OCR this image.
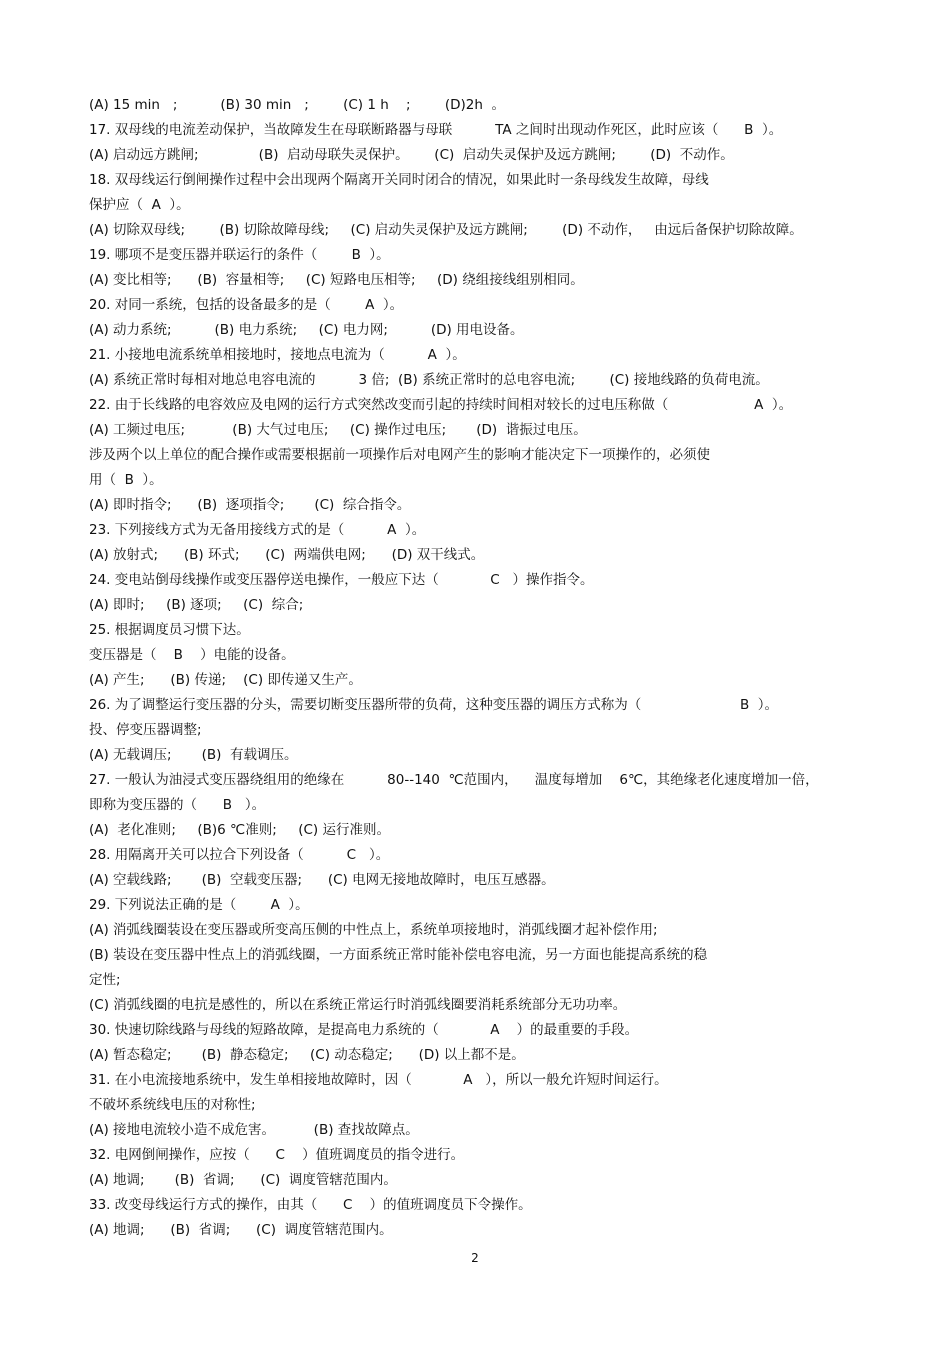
(A) 15 min   ;          (B) 30 min   ;        (C) 1 h    ;        (D)2h  。
17. 双母线的电流差动保护，当故障发生在母联断路器与母联          TA 之间时出现动作死区，此时应该（      B  ）。
(A) 启动远方跳闸;              (B)  启动母联失灵保护。      (C)  启动失灵保护及远方跳闸;        (D)  不动作。
18. 双母线运行倒闸操作过程中会出现两个隔离开关同时闭合的情况，如果此时一条母线发生故障，母线
保护应（  A  ）。
(A) 切除双母线;        (B) 切除故障母线;     (C) 启动失灵保护及远方跳闸;        (D) 不动作，   由远后备保护切除故障。
19. 哪项不是变压器并联运行的条件（        B  ）。
(A) 变比相等;      (B)  容量相等;     (C) 短路电压相等;     (D) 绕组接线组别相同。
20. 对同一系统，包括的设备最多的是（        A  ）。
(A) 动力系统;          (B) 电力系统;     (C) 电力网;          (D) 用电设备。
21. 小接地电流系统单相接地时，接地点电流为（          A  ）。
(A) 系统正常时每相对地总电容电流的          3 倍;  (B) 系统正常时的总电容电流;        (C) 接地线路的负荷电流。
22. 由于长线路的电容效应及电网的运行方式突然改变而引起的持续时间相对较长的过电压称做（                    A  ）。
(A) 工频过电压;           (B) 大气过电压;     (C) 操作过电压;       (D)  谐振过电压。
涉及两个以上单位的配合操作或需要根据前一项操作后对电网产生的影响才能决定下一项操作的，必须使
用（  B  ）。
(A) 即时指令;      (B)  逐项指令;       (C)  综合指令。
23. 下列接线方式为无备用接线方式的是（          A  ）。
(A) 放射式;      (B) 环式;      (C)  两端供电网;      (D) 双干线式。
24. 变电站倒母线操作或变压器停送电操作，一般应下达（            C   ）操作指令。
(A) 即时;     (B) 逐项;     (C)  综合;
25. 根据调度员习惯下达。
变压器是（    B    ）电能的设备。
(A) 产生;      (B) 传递;    (C) 即传递又生产。
26. 为了调整运行变压器的分头，需要切断变压器所带的负荷，这种变压器的调压方式称为（                       B  ）。
投、停变压器调整;
(A) 无载调压;       (B)  有载调压。
27. 一般认为油浸式变压器绕组用的绝缘在          80--140  ℃范围内，    温度每增加    6℃，其绝缘老化速度增加一倍，
即称为变压器的（      B   ）。
(A)  老化准则;     (B)6 ℃准则;     (C) 运行准则。
28. 用隔离开关可以拉合下列设备（          C   ）。
(A) 空载线路;       (B)  空载变压器;      (C) 电网无接地故障时，电压互感器。
29. 下列说法正确的是（        A  ）。
(A) 消弧线圈装设在变压器或所变高压侧的中性点上，系统单项接地时，消弧线圈才起补偿作用;
(B) 装设在变压器中性点上的消弧线圈，一方面系统正常时能补偿电容电流，另一方面也能提高系统的稳
定性;
(C) 消弧线圈的电抗是感性的，所以在系统正常运行时消弧线圈要消耗系统部分无功功率。
30. 快速切除线路与母线的短路故障，是提高电力系统的（            A    ）的最重要的手段。
(A) 暂态稳定;       (B)  静态稳定;     (C) 动态稳定;      (D) 以上都不是。
31. 在小电流接地系统中，发生单相接地故障时，因（            A   ），所以一般允许短时间运行。
不破坏系统线电压的对称性;
(A) 接地电流较小造不成危害。         (B) 查找故障点。
32. 电网倒闸操作，应按（      C    ）值班调度员的指令进行。
(A) 地调;       (B)  省调;      (C)  调度管辖范围内。
33. 改变母线运行方式的操作，由其（      C    ）的值班调度员下令操作。
(A) 地调;      (B)  省调;      (C)  调度管辖范围内。
2
